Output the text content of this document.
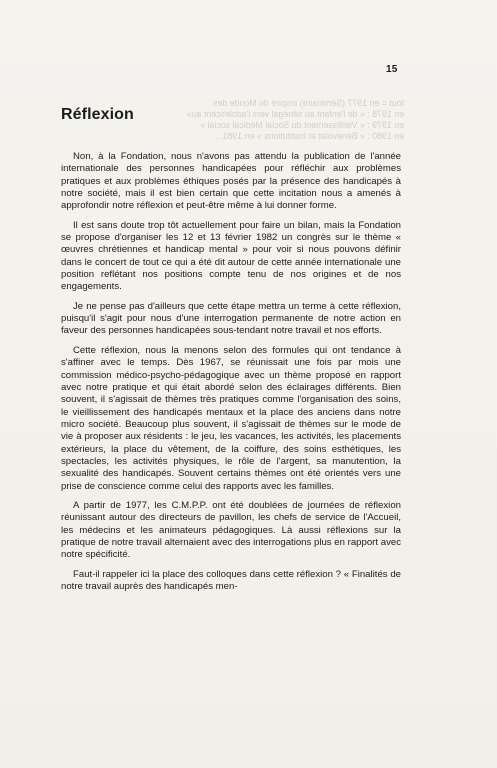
15
tout = en 1977 (Séminaire) inspiré du Monde des
en 1978 : « de l'enfant au sénégal vers l'adolescent au»
en 1979 : « Vieillissement du Social Médical social »
en 1980 : « Bénévolat et Institutions » en 1981 ...
Réflexion

Non, à la Fondation, nous n'avons pas attendu la publication de l'année internationale des personnes handicapées pour réfléchir aux problèmes pratiques et aux problèmes éthiques posés par la présence des handicapés à notre société, mais il est bien certain que cette incitation nous a amenés à approfondir notre réflexion et peut-être même à lui donner forme.

Il est sans doute trop tôt actuellement pour faire un bilan, mais la Fondation se propose d'organiser les 12 et 13 février 1982 un congrès sur le thème « œuvres chrétiennes et handicap mental » pour voir si nous pouvons définir dans le concert de tout ce qui a été dit autour de cette année internationale une position reflétant nos positions compte tenu de nos origines et de nos engagements.

Je ne pense pas d'ailleurs que cette étape mettra un terme à cette réflexion, puisqu'il s'agit pour nous d'une interrogation permanente de notre action en faveur des personnes handicapées sous-tendant notre travail et nos efforts.

Cette réflexion, nous la menons selon des formules qui ont tendance à s'affiner avec le temps. Dès 1967, se réunissait une fois par mois une commission médico-psycho-pédagogique avec un thème proposé en rapport avec notre pratique et qui était abordé selon des éclairages différents. Bien souvent, il s'agissait de thèmes très pratiques comme l'organisation des soins, le vieillissement des handicapés mentaux et la place des anciens dans notre micro société. Beaucoup plus souvent, il s'agissait de thèmes sur le mode de vie à proposer aux résidents : le jeu, les vacances, les activités, les placements extérieurs, la place du vêtement, de la coiffure, des soins esthétiques, les spectacles, les activités physiques, le rôle de l'argent, sa manutention, la sexualité des handicapés. Souvent certains thèmes ont été orientés vers une prise de conscience comme celui des rapports avec les familles.

A partir de 1977, les C.M.P.P. ont été doublées de journées de réflexion réunissant autour des directeurs de pavillon, les chefs de service de l'Accueil, les médecins et les animateurs pédagogiques. Là aussi réflexions sur la pratique de notre travail alternaient avec des interrogations plus en rapport avec notre spécificité.

Faut-il rappeler ici la place des colloques dans cette réflexion ? « Finalités de notre travail auprès des handicapés men-
